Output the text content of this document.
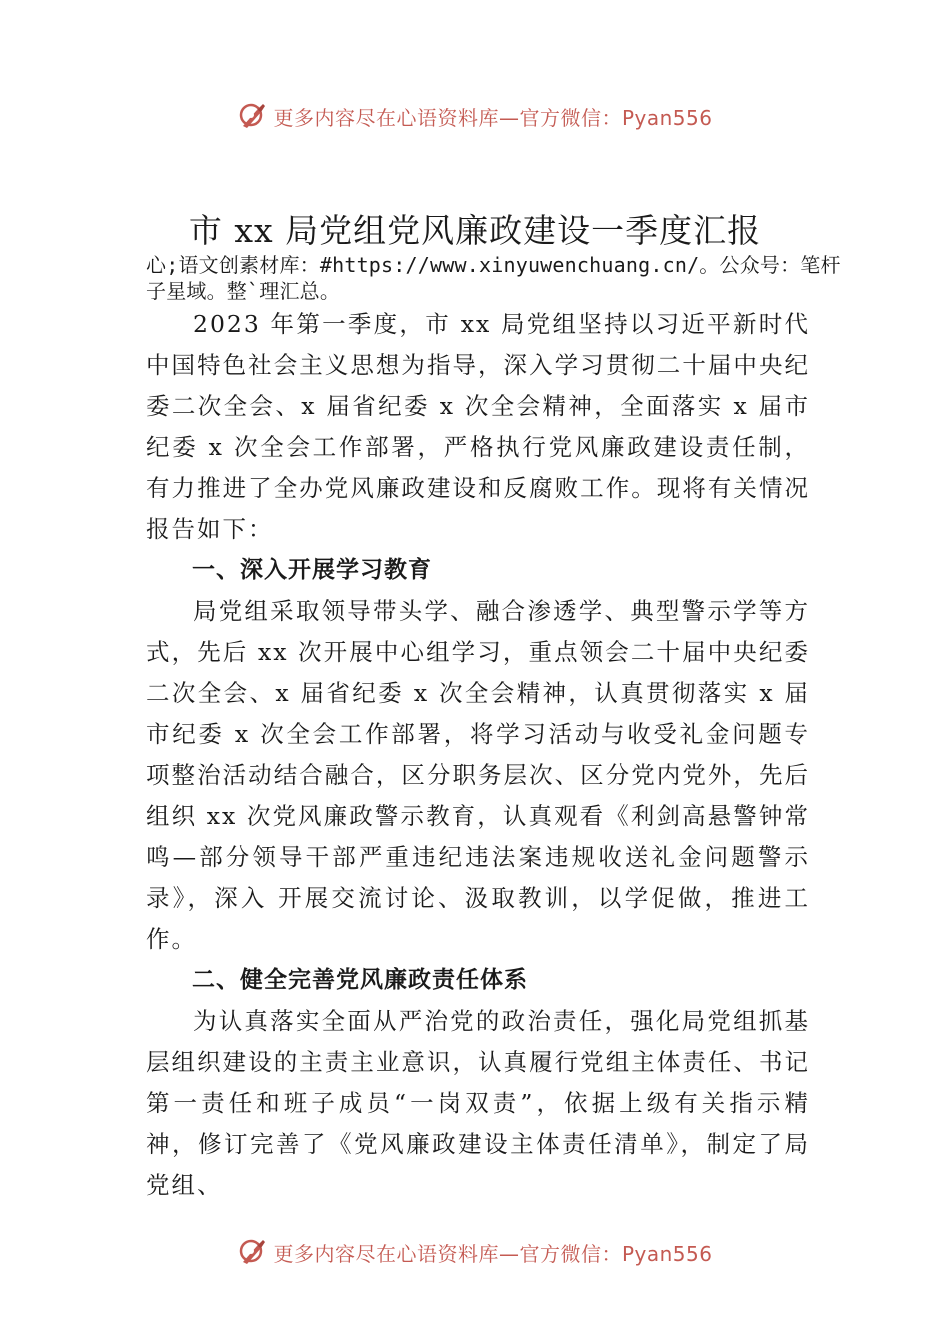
更多内容尽在心语资料库—官方微信：Pyan556
市 xx 局党组党风廉政建设一季度汇报
心;语文创素材库：#https://www.xinyuwenchuang.cn/。公众号：笔杆子星域。整`理汇总。

2023 年第一季度，市 xx 局党组坚持以习近平新时代中国特色社会主义思想为指导，深入学习贯彻二十届中央纪委二次全会、x 届省纪委 x 次全会精神，全面落实 x 届市纪委 x 次全会工作部署，严格执行党风廉政建设责任制，有力推进了全办党风廉政建设和反腐败工作。现将有关情况报告如下：

一、深入开展学习教育

局党组采取领导带头学、融合渗透学、典型警示学等方式，先后 xx 次开展中心组学习，重点领会二十届中央纪委二次全会、x 届省纪委 x 次全会精神，认真贯彻落实 x 届市纪委 x 次全会工作部署，将学习活动与收受礼金问题专项整治活动结合融合，区分职务层次、区分党内党外，先后组织 xx 次党风廉政警示教育，认真观看《利剑高悬警钟常鸣—部分领导干部严重违纪违法案违规收送礼金问题警示录》，深入 开展交流讨论、汲取教训，以学促做，推进工作。

二、健全完善党风廉政责任体系

为认真落实全面从严治党的政治责任，强化局党组抓基层组织建设的主责主业意识，认真履行党组主体责任、书记第一责任和班子成员“一岗双责”，依据上级有关指示精神，修订完善了《党风廉政建设主体责任清单》，制定了局党组、

更多内容尽在心语资料库—官方微信：Pyan556
